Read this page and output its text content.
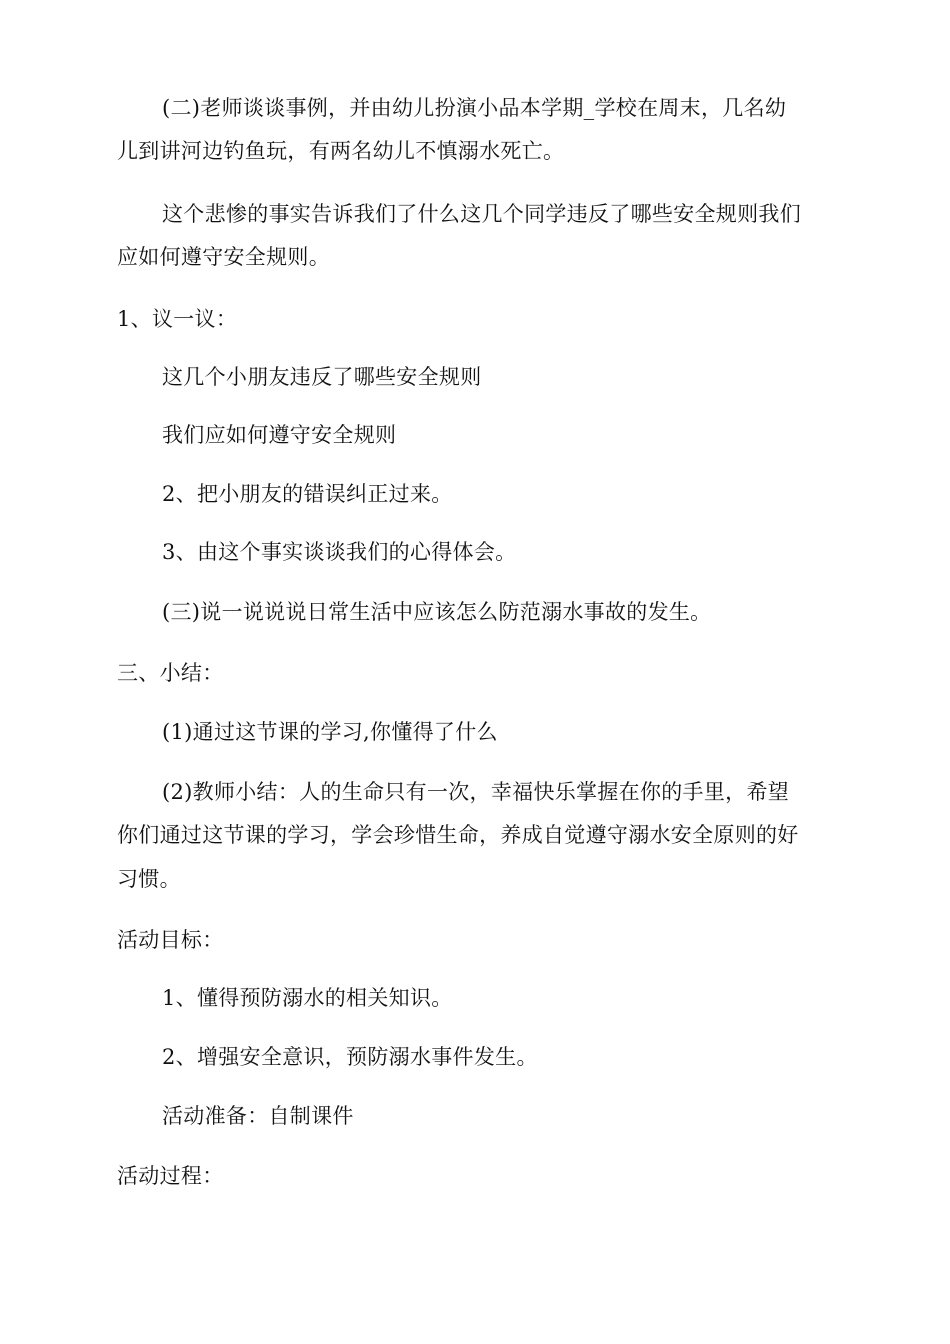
(二)老师谈谈事例，并由幼儿扮演小品本学期_学校在周末，几名幼
儿到讲河边钓鱼玩，有两名幼儿不慎溺水死亡。
这个悲惨的事实告诉我们了什么这几个同学违反了哪些安全规则我们
应如何遵守安全规则。
1、议一议：
这几个小朋友违反了哪些安全规则
我们应如何遵守安全规则
2、把小朋友的错误纠正过来。
3、由这个事实谈谈我们的心得体会。
(三)说一说说说日常生活中应该怎么防范溺水事故的发生。
三、小结：
(1)通过这节课的学习,你懂得了什么
(2)教师小结：人的生命只有一次，幸福快乐掌握在你的手里，希望
你们通过这节课的学习，学会珍惜生命，养成自觉遵守溺水安全原则的好
习惯。
活动目标：
1、懂得预防溺水的相关知识。
2、增强安全意识，预防溺水事件发生。
活动准备：自制课件
活动过程：
